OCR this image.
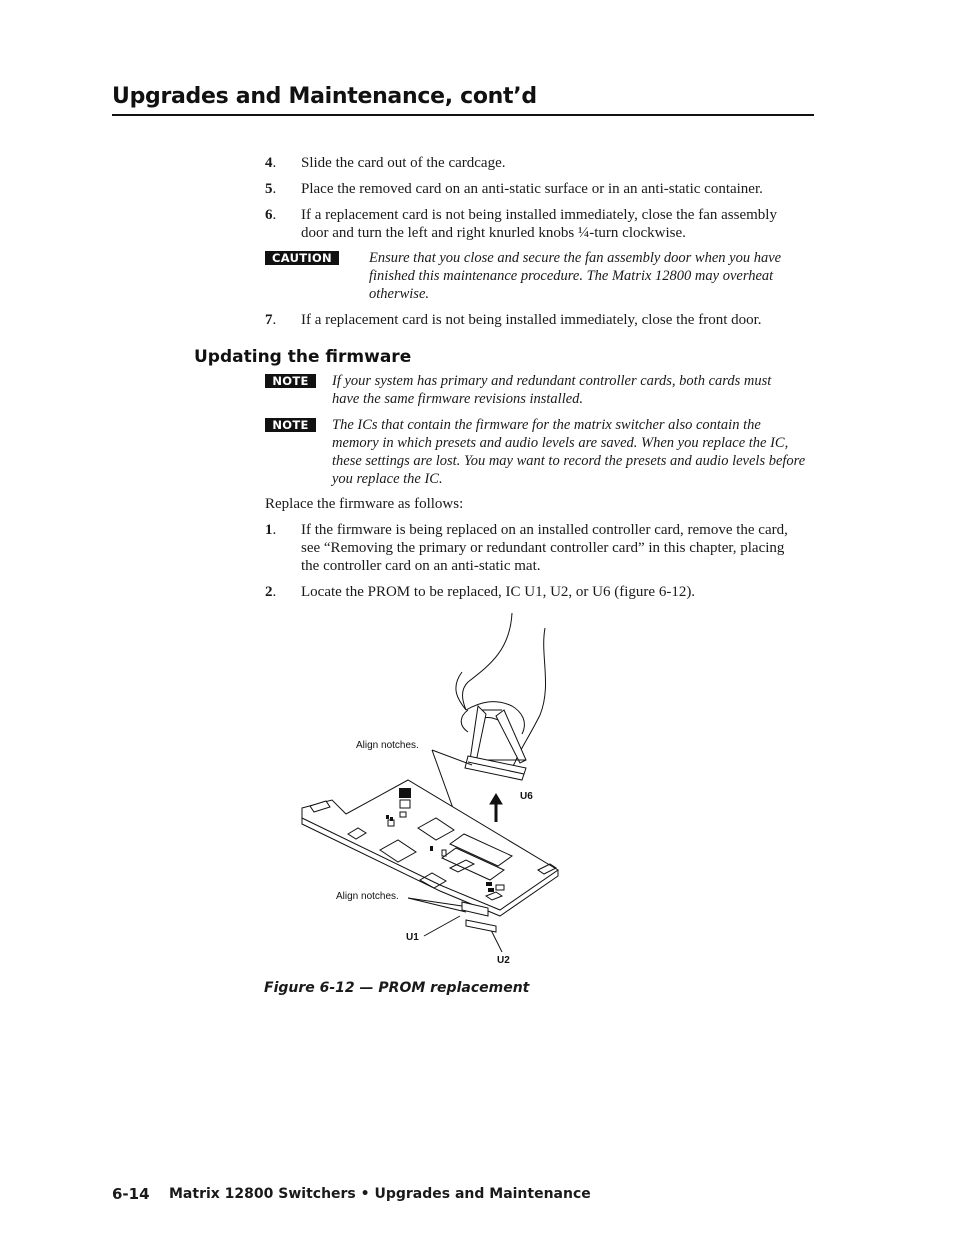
Upgrades and Maintenance, cont’d
4. Slide the card out of the cardcage.
5. Place the removed card on an anti-static surface or in an anti-static container.
6. If a replacement card is not being installed immediately, close the fan assembly door and turn the left and right knurled knobs ¼-turn clockwise.
CAUTION	Ensure that you close and secure the fan assembly door when you have finished this maintenance procedure. The Matrix 12800 may overheat otherwise.
7. If a replacement card is not being installed immediately, close the front door.
Updating the firmware
NOTE	If your system has primary and redundant controller cards, both cards must have the same firmware revisions installed.
NOTE	The ICs that contain the firmware for the matrix switcher also contain the memory in which presets and audio levels are saved. When you replace the IC, these settings are lost. You may want to record the presets and audio levels before you replace the IC.
Replace the firmware as follows:
1. If the firmware is being replaced on an installed controller card, remove the card, see “Removing the primary or redundant controller card” in this chapter, placing the controller card on an anti-static mat.
2. Locate the PROM to be replaced, IC U1, U2, or U6 (figure 6-12).
Align notches.
U6
Align notches.
U1
U2
Figure 6-12 — PROM replacement
6-14 Matrix 12800 Switchers • Upgrades and Maintenance
